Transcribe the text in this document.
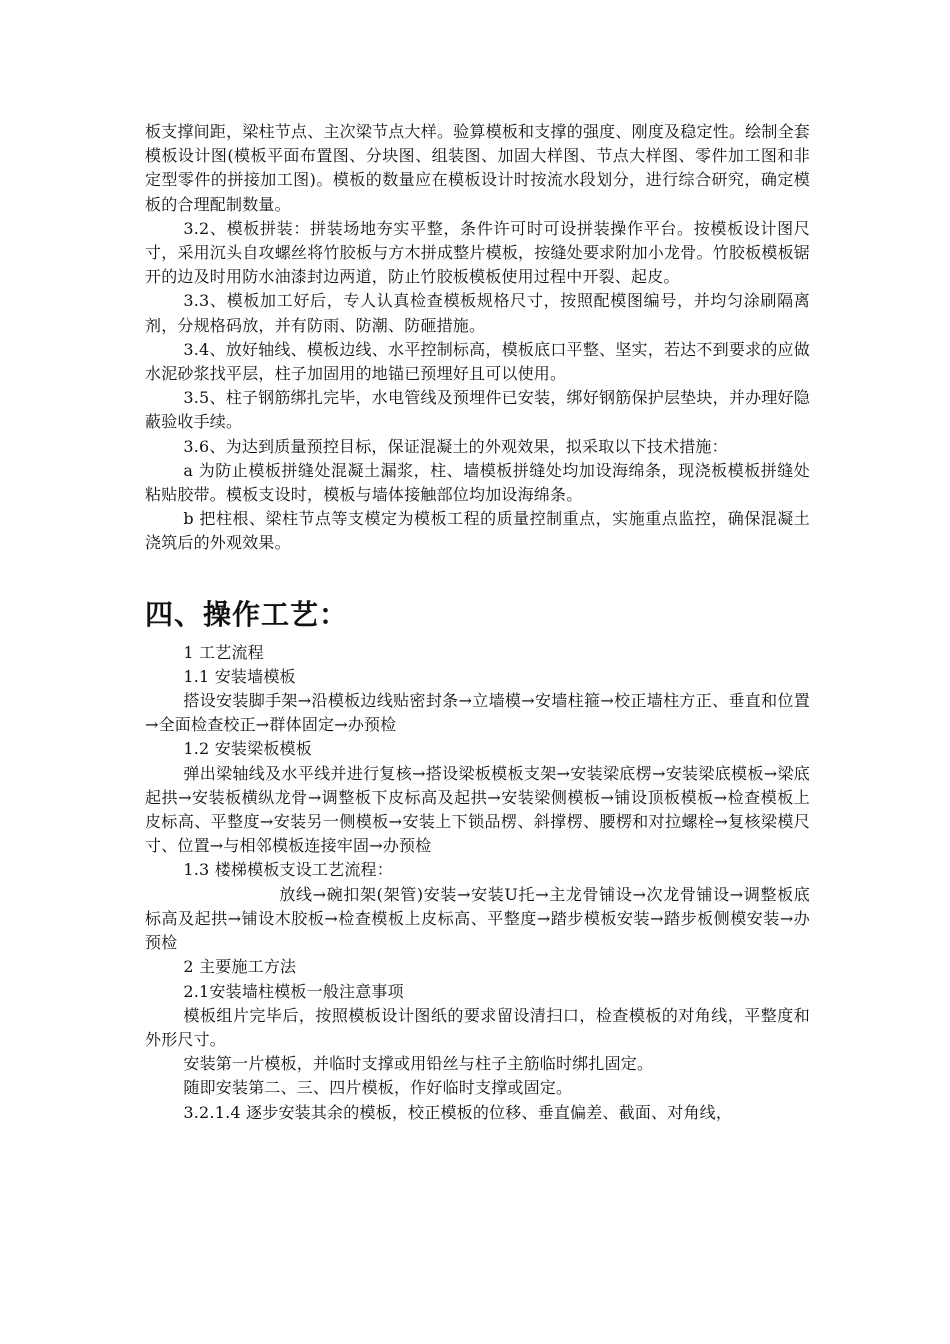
板支撑间距，梁柱节点、主次梁节点大样。验算模板和支撑的强度、刚度及稳定性。绘制全套模板设计图(模板平面布置图、分块图、组装图、加固大样图、节点大样图、零件加工图和非定型零件的拼接加工图)。模板的数量应在模板设计时按流水段划分，进行综合研究，确定模板的合理配制数量。

3.2、模板拼装：拼装场地夯实平整，条件许可时可设拼装操作平台。按模板设计图尺寸，采用沉头自攻螺丝将竹胶板与方木拼成整片模板，按缝处要求附加小龙骨。竹胶板模板锯开的边及时用防水油漆封边两道，防止竹胶板模板使用过程中开裂、起皮。

3.3、模板加工好后，专人认真检查模板规格尺寸，按照配模图编号，并均匀涂刷隔离剂，分规格码放，并有防雨、防潮、防砸措施。

3.4、放好轴线、模板边线、水平控制标高，模板底口平整、坚实，若达不到要求的应做水泥砂浆找平层，柱子加固用的地锚已预埋好且可以使用。

3.5、柱子钢筋绑扎完毕，水电管线及预埋件已安装，绑好钢筋保护层垫块，并办理好隐蔽验收手续。

3.6、为达到质量预控目标，保证混凝土的外观效果，拟采取以下技术措施：

a 为防止模板拼缝处混凝土漏浆，柱、墙模板拼缝处均加设海绵条，现浇板模板拼缝处粘贴胶带。模板支设时，模板与墙体接触部位均加设海绵条。

b 把柱根、梁柱节点等支模定为模板工程的质量控制重点，实施重点监控，确保混凝土浇筑后的外观效果。

四、操作工艺：

1 工艺流程

1.1 安装墙模板

搭设安装脚手架→沿模板边线贴密封条→立墙模→安墙柱箍→校正墙柱方正、垂直和位置→全面检查校正→群体固定→办预检

1.2 安装梁板模板

弹出梁轴线及水平线并进行复核→搭设梁板模板支架→安装梁底楞→安装梁底模板→梁底起拱→安装板横纵龙骨→调整板下皮标高及起拱→安装梁侧模板→铺设顶板模板→检查模板上皮标高、平整度→安装另一侧模板→安装上下锁品楞、斜撑楞、腰楞和对拉螺栓→复核梁模尺寸、位置→与相邻模板连接牢固→办预检

1.3 楼梯模板支设工艺流程：

放线→碗扣架(架管)安装→安装U托→主龙骨铺设→次龙骨铺设→调整板底标高及起拱→铺设木胶板→检查模板上皮标高、平整度→踏步模板安装→踏步板侧模安装→办预检

2 主要施工方法

2.1安装墙柱模板一般注意事项

模板组片完毕后，按照模板设计图纸的要求留设清扫口，检查模板的对角线，平整度和外形尺寸。

安装第一片模板，并临时支撑或用铅丝与柱子主筋临时绑扎固定。

随即安装第二、三、四片模板，作好临时支撑或固定。

3.2.1.4 逐步安装其余的模板，校正模板的位移、垂直偏差、截面、对角线，
